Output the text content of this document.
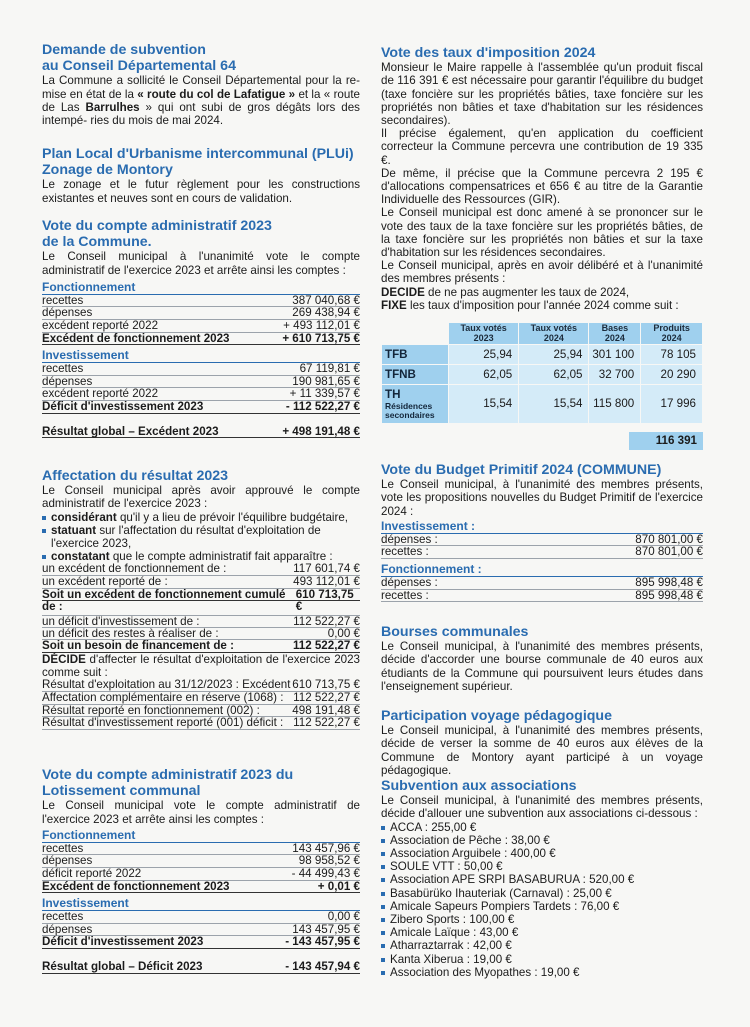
Demande de subvention
au Conseil Départemental 64
La Commune a sollicité le Conseil Départemental pour la re- mise en état de la « route du col de Lafatigue » et la « route de Las Barrulhes » qui ont subi de gros dégâts lors des intempé- ries du mois de mai 2024.
Plan Local d'Urbanisme intercommunal (PLUi)
Zonage de Montory
Le zonage et le futur règlement pour les constructions existantes et neuves sont en cours de validation.
Vote du compte administratif 2023
de la Commune.
Le Conseil municipal à l'unanimité vote le compte administratif de l'exercice 2023 et arrête ainsi les comptes :
Fonctionnement
recettes	387 040,68 €
dépenses	269 438,94 €
excédent reporté 2022	+ 493 112,01 €
Excédent de fonctionnement 2023	+ 610 713,75 €
Investissement
recettes	67 119,81 €
dépenses	190 981,65 €
excédent reporté 2022	+ 11 339,57 €
Déficit d'investissement 2023	- 112 522,27 €
Résultat global – Excédent 2023	+ 498 191,48 €
Affectation du résultat 2023
Le Conseil municipal après avoir approuvé le compte administratif de l'exercice 2023 :
considérant qu'il y a lieu de prévoir l'équilibre budgétaire,
statuant sur l'affectation du résultat d'exploitation de l'exercice 2023,
constatant que le compte administratif fait apparaître :
un excédent de fonctionnement de :	117 601,74 €
un excédent reporté de :	493 112,01 €
Soit un excédent de fonctionnement cumulé de :
610 713,75 €
un déficit d'investissement de :	112 522,27 €
un déficit des restes à réaliser de :	0,00 €
Soit un besoin de financement de :	112 522,27 €
DÉCIDE d'affecter le résultat d'exploitation de l'exercice 2023 comme suit :
Résultat d'exploitation au 31/12/2023 : Excédent 610 713,75 €
Affectation complémentaire en réserve (1068) : 112 522,27 €
Résultat reporté en fonctionnement (002) :	498 191,48 €
Résultat d'investissement reporté (001) déficit : 112 522,27 €
Vote du compte administratif 2023 du
Lotissement communal
Le Conseil municipal vote le compte administratif de l'exercice 2023 et arrête ainsi les comptes :
Fonctionnement
recettes	143 457,96 €
dépenses	98 958,52 €
déficit reporté 2022	- 44 499,43 €
Excédent de fonctionnement 2023	+ 0,01 €
Investissement
recettes	0,00 €
dépenses	143 457,95 €
Déficit d'investissement 2023	- 143 457,95 €
Résultat global – Déficit 2023	- 143 457,94 €
Vote des taux d'imposition 2024
Monsieur le Maire rappelle à l'assemblée qu'un produit fiscal de 116 391 € est nécessaire pour garantir l'équilibre du budget (taxe foncière sur les propriétés bâties, taxe foncière sur les propriétés non bâties et taxe d'habitation sur les résidences secondaires).
Il précise également, qu'en application du coefficient correcteur la Commune percevra une contribution de 19 335 €.
De même, il précise que la Commune percevra 2 195 € d'allocations compensatrices et 656 € au titre de la Garantie Individuelle des Ressources (GIR).
Le Conseil municipal est donc amené à se prononcer sur le vote des taux de la taxe foncière sur les propriétés bâties, de la taxe foncière sur les propriétés non bâties et sur la taxe d'habitation sur les résidences secondaires.
Le Conseil municipal, après en avoir délibéré et à l'unanimité des membres présents :
DECIDE de ne pas augmenter les taux de 2024,
FIXE les taux d'imposition pour l'année 2024 comme suit :
	Taux votés 2023	Taux votés 2024	Bases 2024	Produits 2024
TFB	25,94	25,94	301 100	78 105
TFNB	62,05	62,05	32 700	20 290

TH
Résidences secondaires	15,54	15,54	115 800	17 996
116 391
Vote du Budget Primitif 2024 (COMMUNE)
Le Conseil municipal, à l'unanimité des membres présents, vote les propositions nouvelles du Budget Primitif de l'exercice 2024 :
Investissement :
dépenses :	870 801,00 €
recettes :	870 801,00 €
Fonctionnement :
dépenses :	895 998,48 €
recettes :	895 998,48 €
Bourses communales
Le Conseil municipal, à l'unanimité des membres présents, décide d'accorder une bourse communale de 40 euros aux étudiants de la Commune qui poursuivent leurs études dans l'enseignement supérieur.
Participation voyage pédagogique
Le Conseil municipal, à l'unanimité des membres présents, décide de verser la somme de 40 euros aux élèves de la Commune de Montory ayant participé à un voyage pédagogique.
Subvention aux associations
Le Conseil municipal, à l'unanimité des membres présents, décide d'allouer une subvention aux associations ci-dessous :
ACCA : 255,00 €
Association de Pêche : 38,00 €
Association Arguibele : 400,00 €
SOULE VTT : 50,00 €
Association APE SRPI BASABURUA : 520,00 €
Basabürüko Ihauteriak (Carnaval) : 25,00 €
Amicale Sapeurs Pompiers Tardets : 76,00 €
Zibero Sports : 100,00 €
Amicale Laïque : 43,00 €
Atharraztarrak : 42,00 €
Kanta Xiberua : 19,00 €
Association des Myopathes : 19,00 €
